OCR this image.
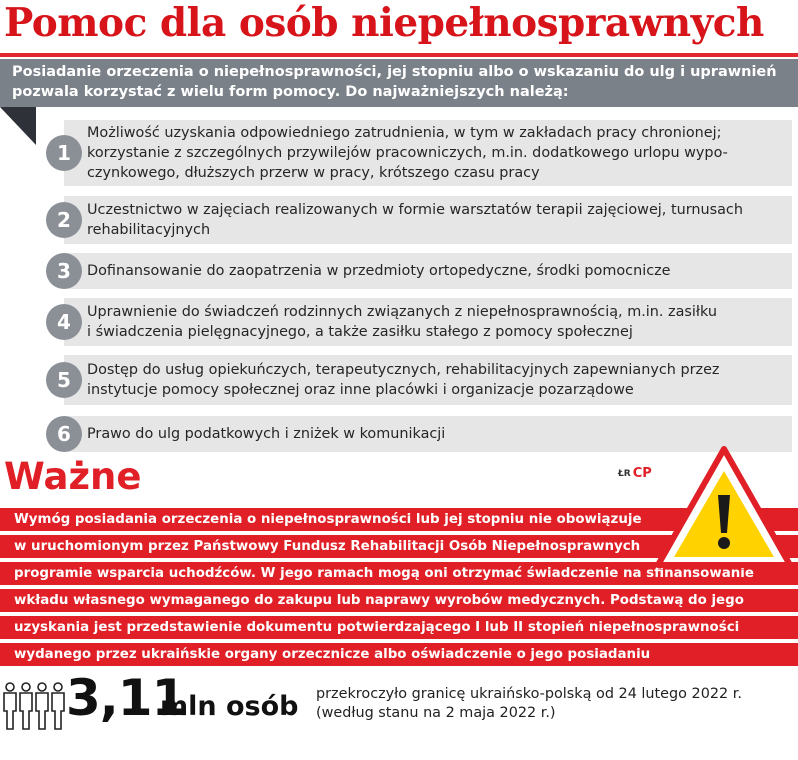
Pomoc dla osób niepełnosprawnych
Posiadanie orzeczenia o niepełnosprawności, jej stopniu albo o wskazaniu do ulg i uprawnień
pozwala korzystać z wielu form pomocy. Do najważniejszych należą:
1
Możliwość uzyskania odpowiedniego zatrudnienia, w tym w zakładach pracy chronionej;
korzystanie z szczególnych przywilejów pracowniczych, m.in. dodatkowego urlopu wypo-
czynkowego, dłuższych przerw w pracy, krótszego czasu pracy
2	Uczestnictwo w zajęciach realizowanych w formie warsztatów terapii zajęciowej, turnusach
rehabilitacyjnych
3	Dofinansowanie do zaopatrzenia w przedmioty ortopedyczne, środki pomocnicze
4	Uprawnienie do świadczeń rodzinnych związanych z niepełnosprawnością, m.in. zasiłku
i świadczenia pielęgnacyjnego, a także zasiłku stałego z pomocy społecznej
5	Dostęp do usług opiekuńczych, terapeutycznych, rehabilitacyjnych zapewnianych przez
instytucje pomocy społecznej oraz inne placówki i organizacje pozarządowe
6	Prawo do ulg podatkowych i zniżek w komunikacji
Ważne	ŁR CP
Wymóg posiadania orzeczenia o niepełnosprawności lub jej stopniu nie obowiązuje
w uruchomionym przez Państwowy Fundusz Rehabilitacji Osób Niepełnosprawnych
programie wsparcia uchodźców. W jego ramach mogą oni otrzymać świadczenie na sfinansowanie
wkładu własnego wymaganego do zakupu lub naprawy wyrobów medycznych. Podstawą do jego
uzyskania jest przedstawienie dokumentu potwierdzającego I lub II stopień niepełnosprawności
wydanego przez ukraińskie organy orzecznicze albo oświadczenie o jego posiadaniu
3,11
mln osób przekroczyło granicę ukraińsko-polską od 24 lutego 2022 r.
(według stanu na 2 maja 2022 r.)
